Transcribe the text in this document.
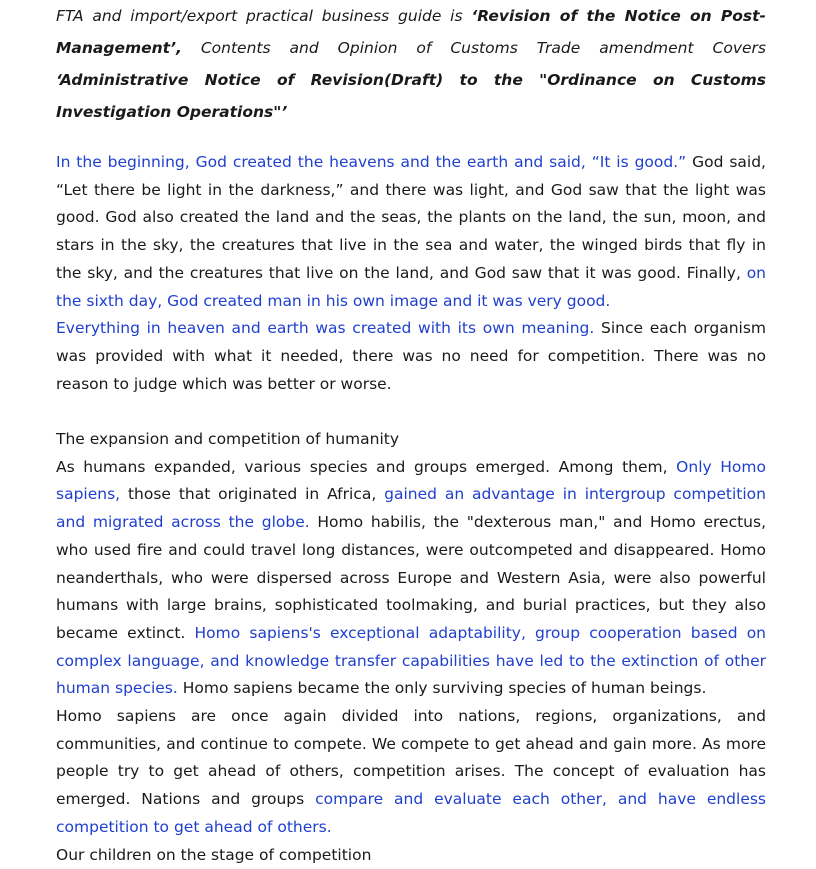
FTA and import/export practical business guide is ‘Revision of the Notice on Post-Management’, Contents and Opinion of Customs Trade amendment Covers ‘Administrative Notice of Revision(Draft) to the "Ordinance on Customs Investigation Operations"’

In the beginning, God created the heavens and the earth and said, “It is good.” God said, “Let there be light in the darkness,” and there was light, and God saw that the light was good. God also created the land and the seas, the plants on the land, the sun, moon, and stars in the sky, the creatures that live in the sea and water, the winged birds that fly in the sky, and the creatures that live on the land, and God saw that it was good. Finally, on the sixth day, God created man in his own image and it was very good.

Everything in heaven and earth was created with its own meaning. Since each organism was provided with what it needed, there was no need for competition. There was no reason to judge which was better or worse.

The expansion and competition of humanity

As humans expanded, various species and groups emerged. Among them, Only Homo sapiens, those that originated in Africa, gained an advantage in intergroup competition and migrated across the globe. Homo habilis, the "dexterous man," and Homo erectus, who used fire and could travel long distances, were outcompeted and disappeared. Homo neanderthals, who were dispersed across Europe and Western Asia, were also powerful humans with large brains, sophisticated toolmaking, and burial practices, but they also became extinct. Homo sapiens's exceptional adaptability, group cooperation based on complex language, and knowledge transfer capabilities have led to the extinction of other human species. Homo sapiens became the only surviving species of human beings.

Homo sapiens are once again divided into nations, regions, organizations, and communities, and continue to compete. We compete to get ahead and gain more. As more people try to get ahead of others, competition arises. The concept of evaluation has emerged. Nations and groups compare and evaluate each other, and have endless competition to get ahead of others.

Our children on the stage of competition
